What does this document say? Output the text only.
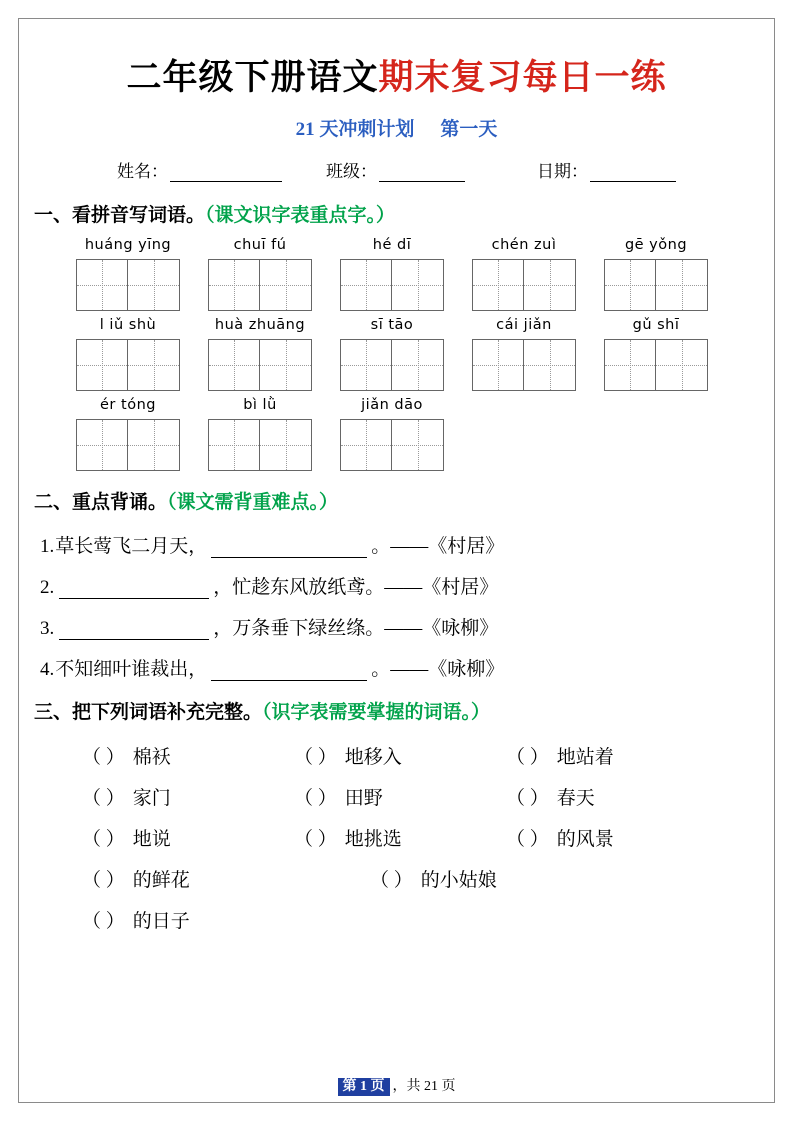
二年级下册语文期末复习每日一练
21 天冲刺计划 第一天
姓名：	班级：	日期：
一、看拼音写词语。（课文识字表重点字。）
huáng yīng	chuī fú	hé dī	chén zuì	gē yǒng
l iǔ shù	huà zhuāng	sī tāo	cái jiǎn	gǔ shī
ér tóng	bì lǜ	jiǎn dāo
二、重点背诵。（课文需背重难点。）
1. 草长莺飞二月天，	。——《村居》
2.	，忙趁东风放纸鸢。——《村居》
3.	，万条垂下绿丝绦。——《咏柳》
4. 不知细叶谁裁出，	。——《咏柳》
三、把下列词语补充完整。（识字表需要掌握的词语。）
（ ） 棉袄	（ ） 地移入	（ ） 地站着
（ ） 家门	（ ） 田野	（ ） 春天
（ ） 地说	（ ） 地挑选	（ ） 的风景
（ ） 的鲜花	（ ） 的小姑娘
（ ） 的日子
第 1 页 ，共 21 页
